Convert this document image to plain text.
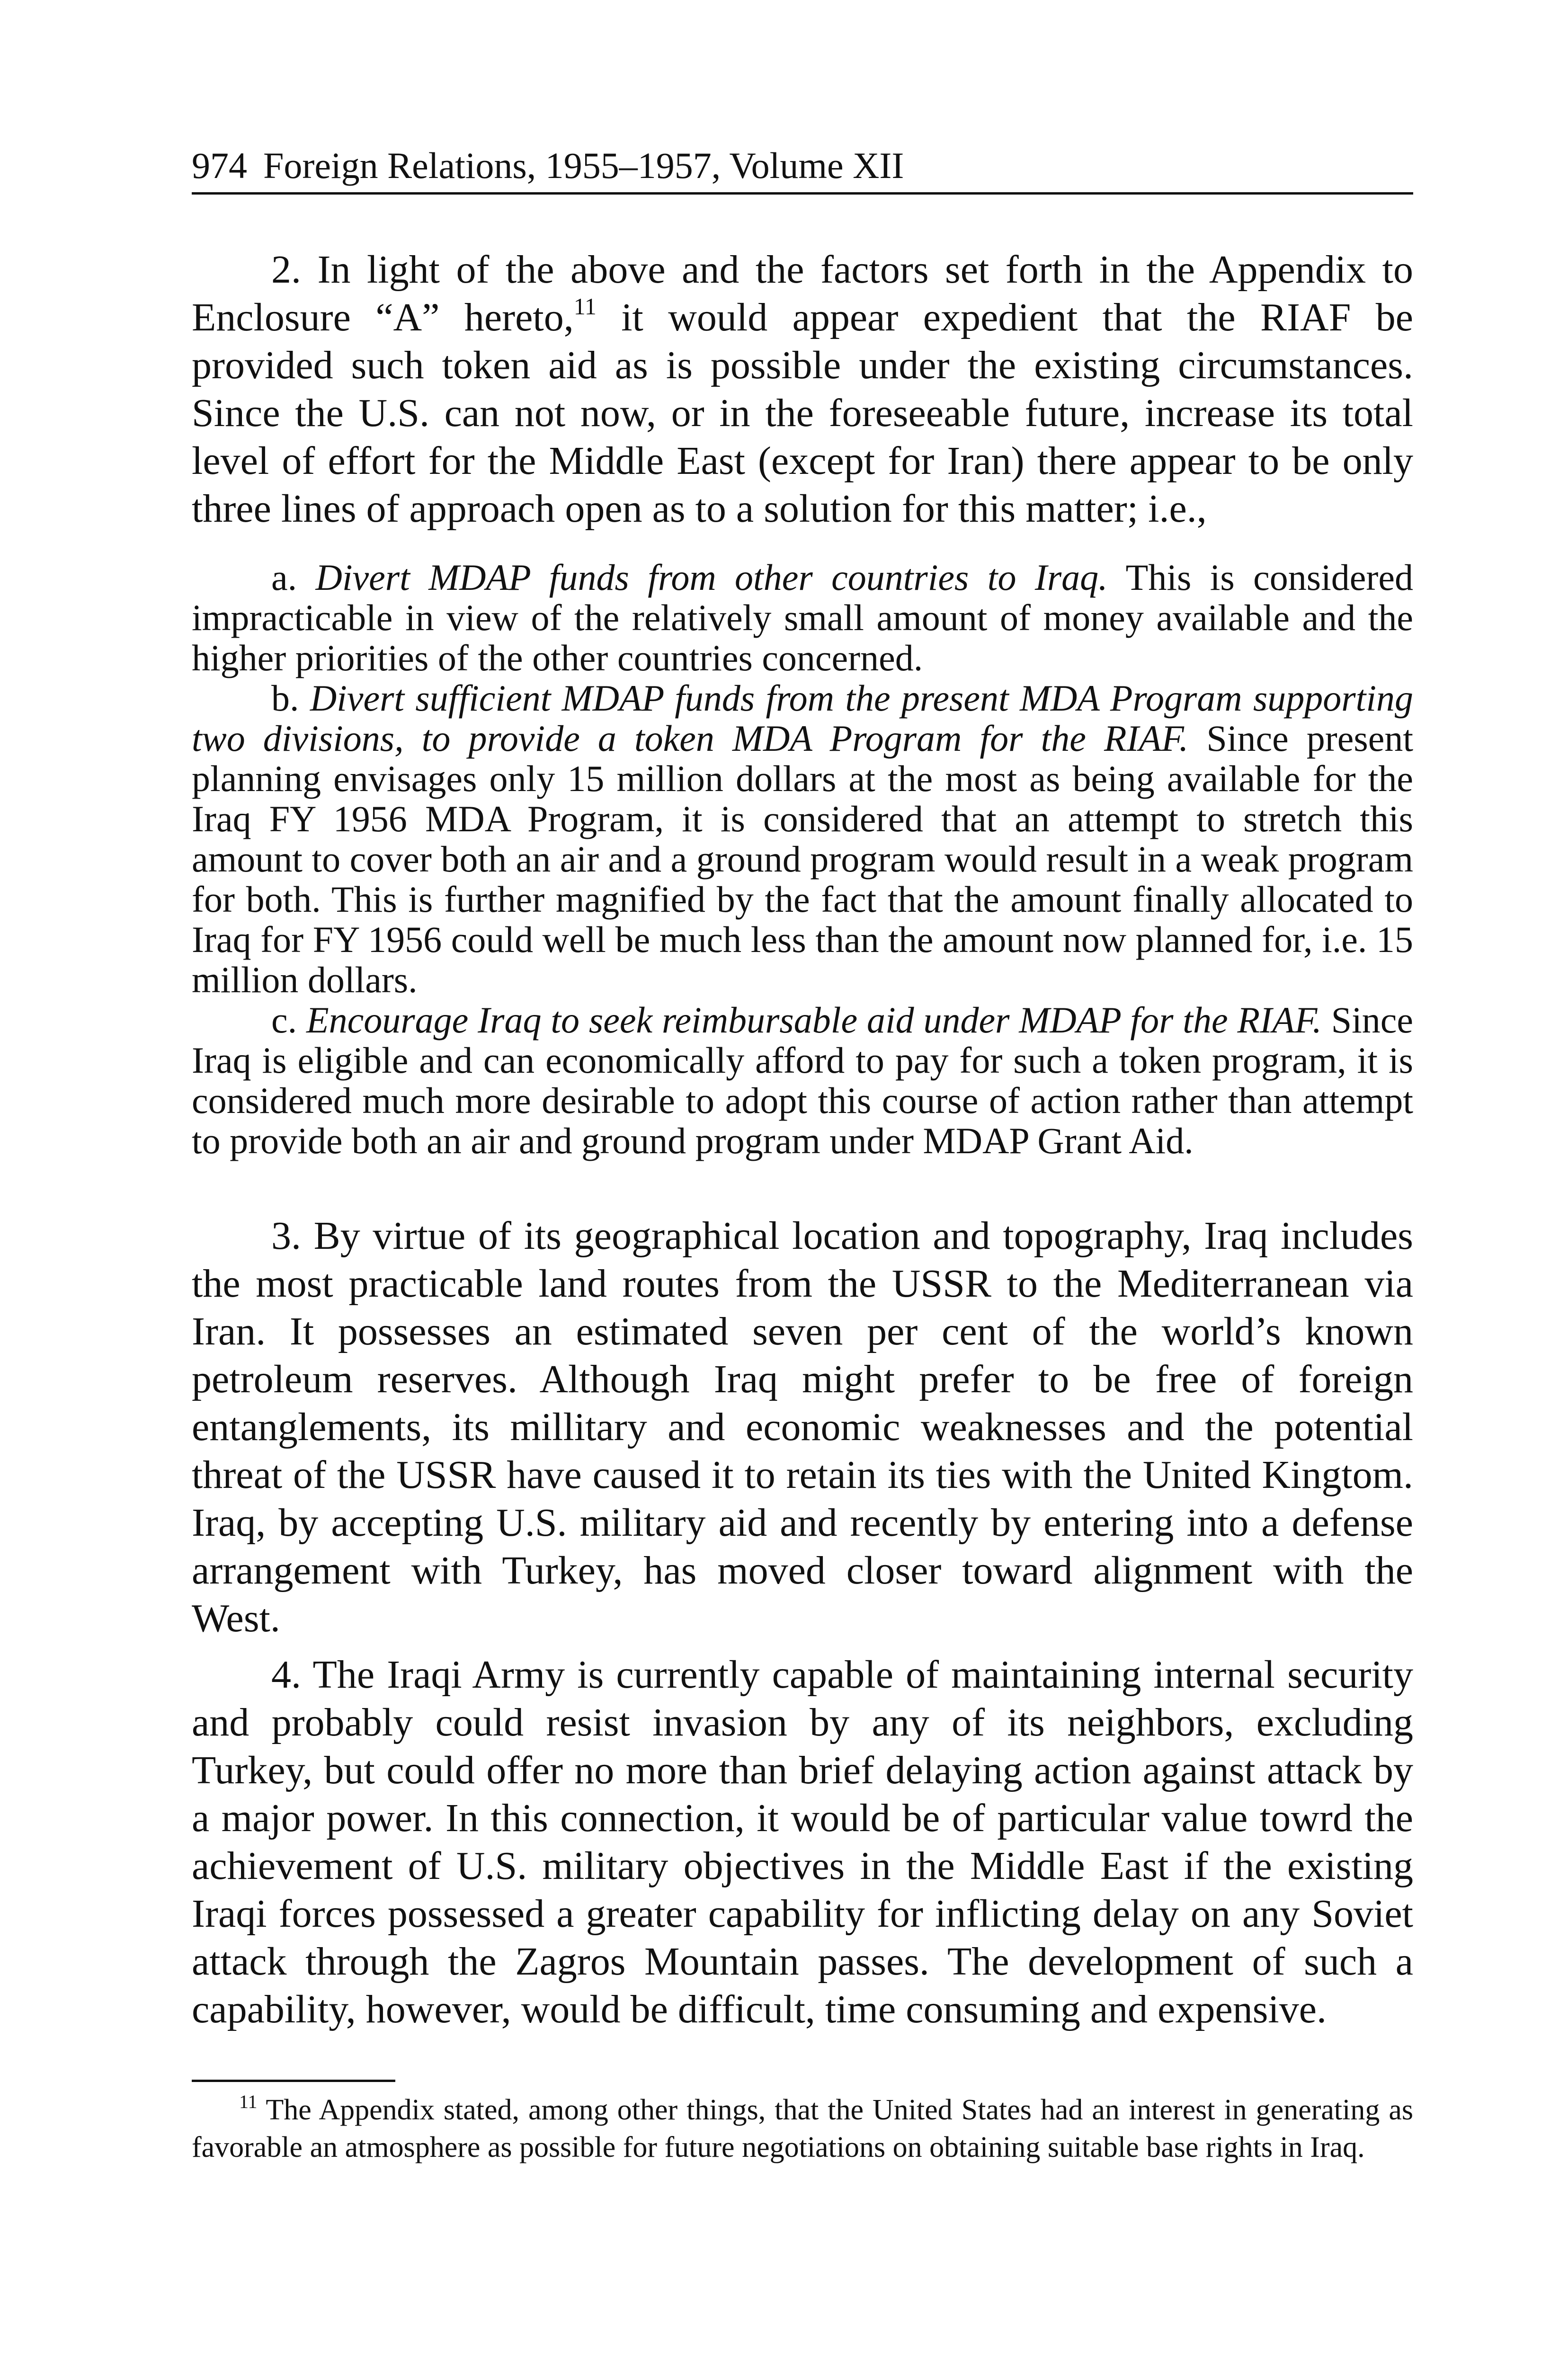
974 Foreign Relations, 1955–1957, Volume XII

2. In light of the above and the factors set forth in the Appendix to Enclosure “A” hereto,$^{11}$ it would appear expedient that the RIAF be provided such token aid as is possible under the existing circumstances. Since the U.S. can not now, or in the foreseeable future, increase its total level of effort for the Middle East (except for Iran) there appear to be only three lines of approach open as to a solution for this matter; i.e.,

a. Divert MDAP funds from other countries to Iraq. This is considered impracticable in view of the relatively small amount of money available and the higher priorities of the other countries concerned.

b. Divert sufficient MDAP funds from the present MDA Program supporting two divisions, to provide a token MDA Program for the RIAF. Since present planning envisages only 15 million dollars at the most as being available for the Iraq FY 1956 MDA Program, it is considered that an attempt to stretch this amount to cover both an air and a ground program would result in a weak program for both. This is further magnified by the fact that the amount finally allocated to Iraq for FY 1956 could well be much less than the amount now planned for, i.e. 15 million dollars.

c. Encourage Iraq to seek reimbursable aid under MDAP for the RIAF. Since Iraq is eligible and can economically afford to pay for such a token program, it is considered much more desirable to adopt this course of action rather than attempt to provide both an air and ground program under MDAP Grant Aid.

3. By virtue of its geographical location and topography, Iraq includes the most practicable land routes from the USSR to the Mediterranean via Iran. It possesses an estimated seven per cent of the world’s known petroleum reserves. Although Iraq might prefer to be free of foreign entanglements, its millitary and economic weaknesses and the potential threat of the USSR have caused it to retain its ties with the United Kingtom. Iraq, by accepting U.S. military aid and recently by entering into a defense arrangement with Turkey, has moved closer toward alignment with the West.

4. The Iraqi Army is currently capable of maintaining internal security and probably could resist invasion by any of its neighbors, excluding Turkey, but could offer no more than brief delaying action against attack by a major power. In this connection, it would be of particular value towrd the achievement of U.S. military objectives in the Middle East if the existing Iraqi forces possessed a greater capability for inflicting delay on any Soviet attack through the Zagros Mountain passes. The development of such a capability, however, would be difficult, time consuming and expensive.

$^{11}$ The Appendix stated, among other things, that the United States had an interest in generating as favorable an atmosphere as possible for future negotiations on obtaining suitable base rights in Iraq.
